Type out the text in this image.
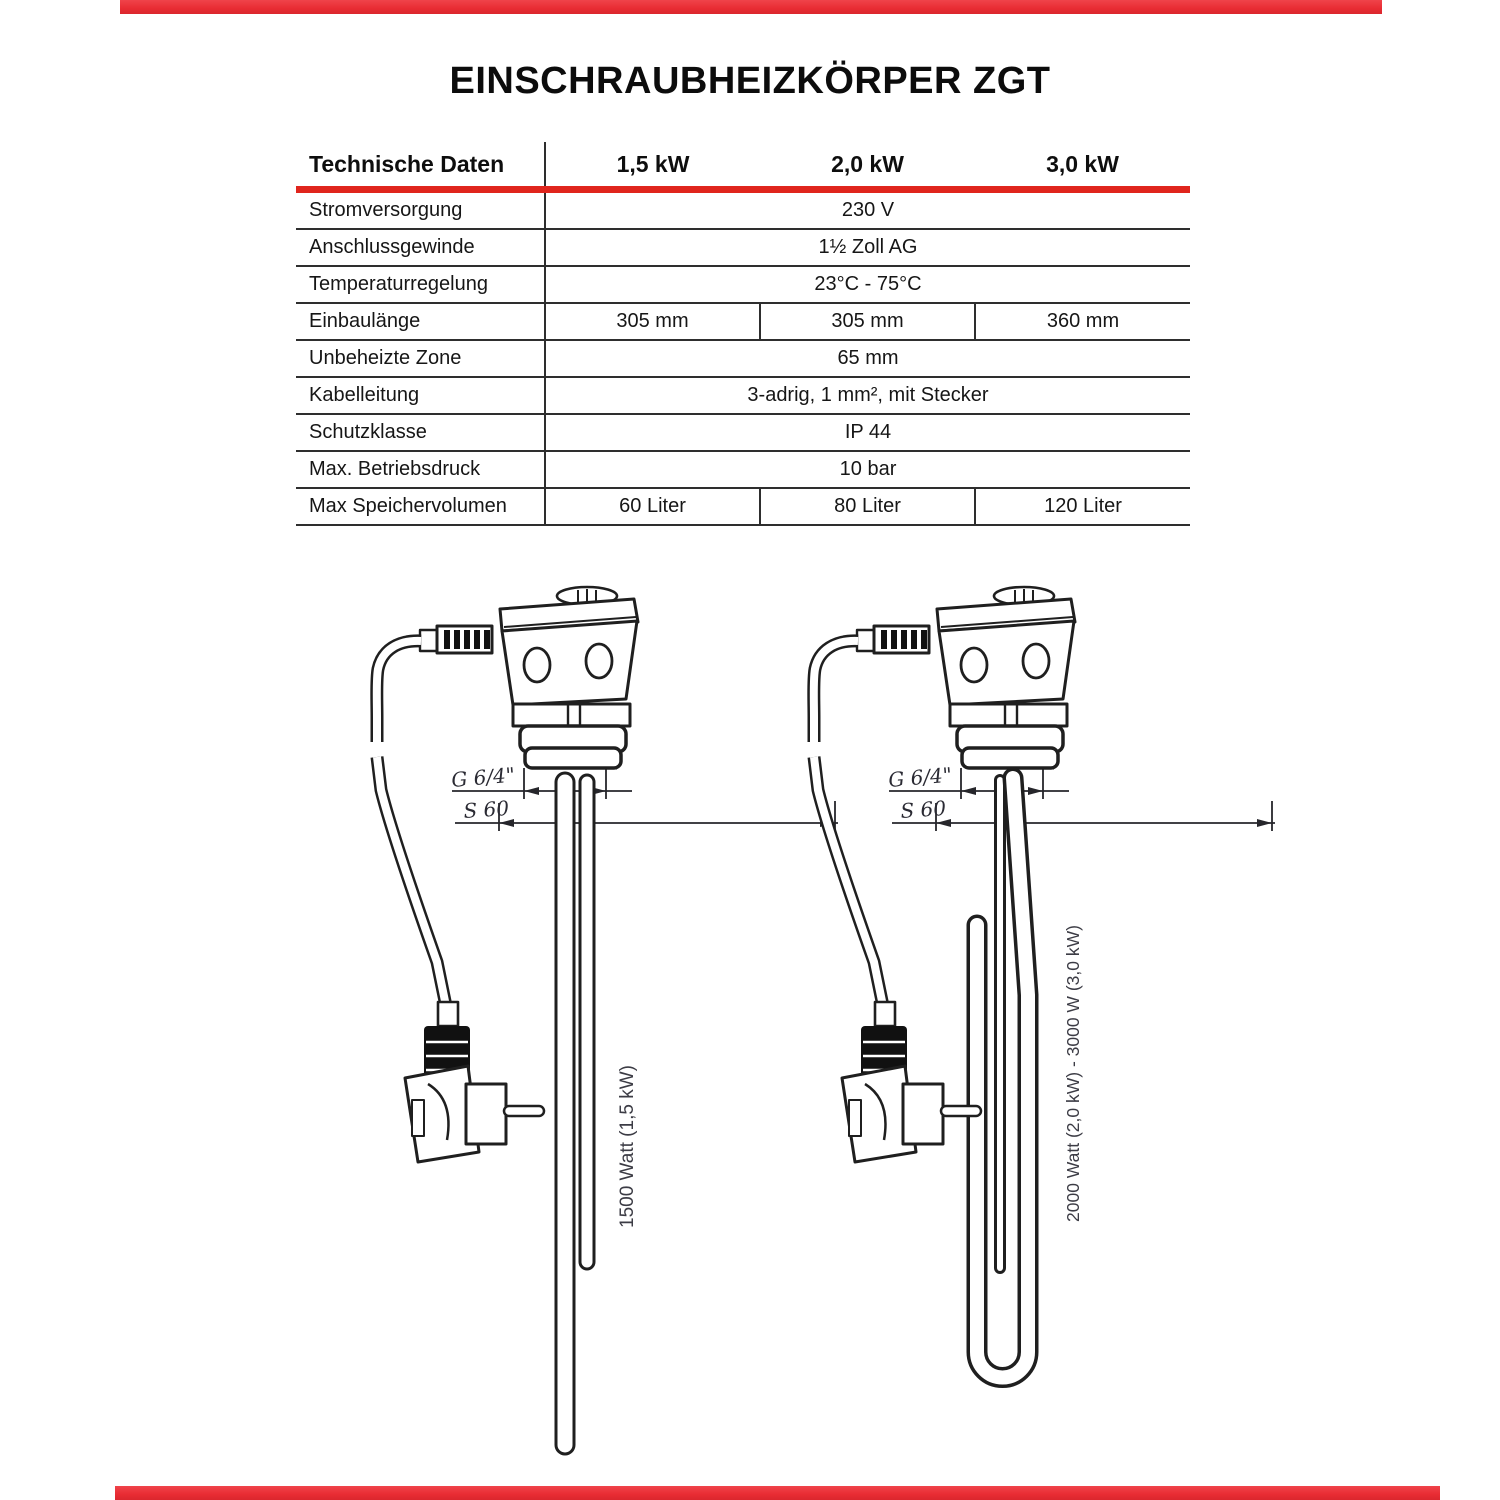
EINSCHRAUBHEIZKÖRPER ZGT
Technische Daten	1,5 kW	2,0 kW	3,0 kW
Stromversorgung	230 V		
Anschlussgewinde	1½ Zoll AG		
Temperaturregelung	23°C - 75°C		
Einbaulänge	305 mm	305 mm	360 mm
Unbeheizte Zone	65 mm		
Kabelleitung	3-adrig, 1 mm², mit Stecker		
Schutzklasse	IP 44		
Max. Betriebsdruck	10 bar		
Max Speichervolumen	60 Liter	80 Liter	120 Liter
G 6/4"
S 60
1500 Watt (1,5 kW)
G 6/4"
S 60
2000 Watt (2,0 kW) - 3000 W (3,0 kW)
